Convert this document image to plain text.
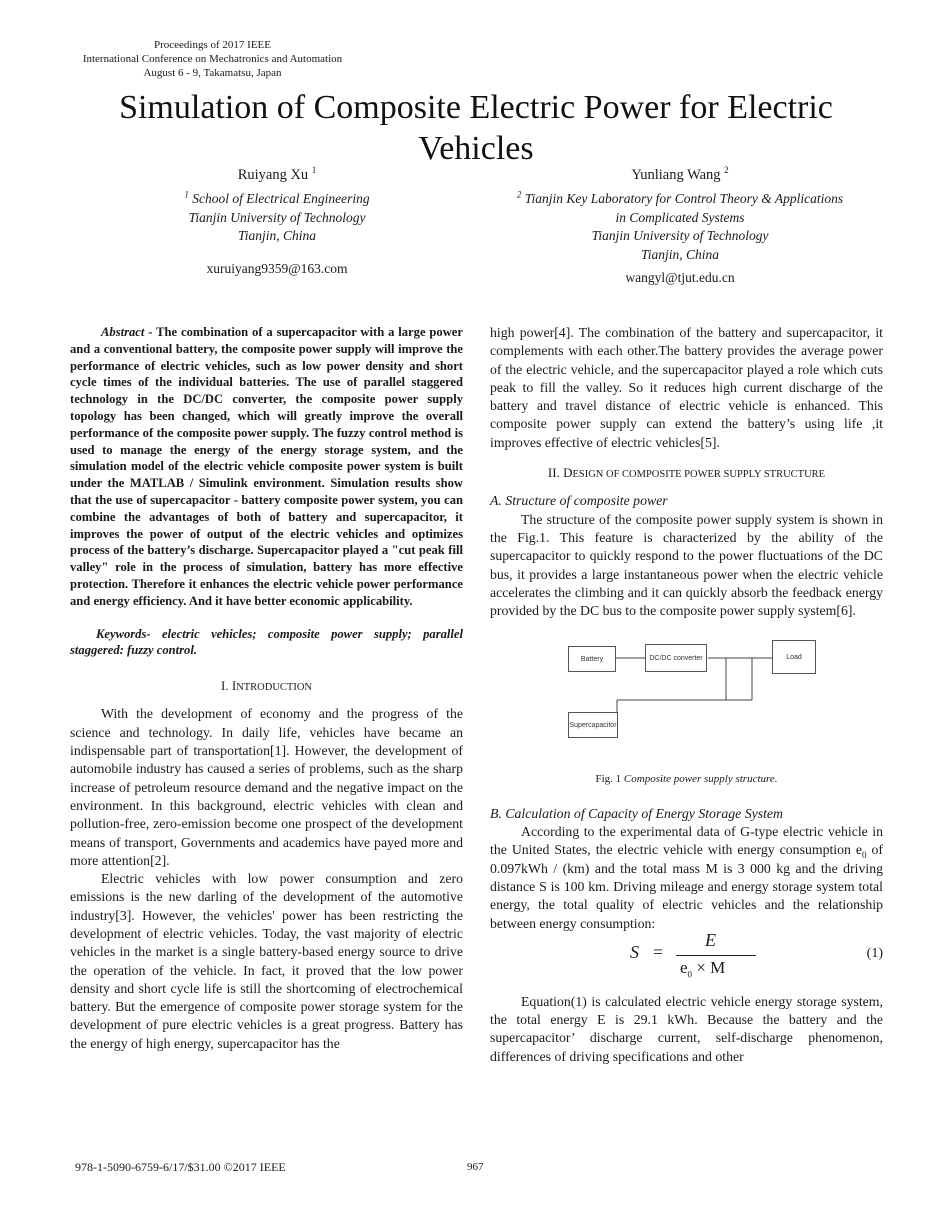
Proceedings of 2017 IEEE
International Conference on Mechatronics and Automation
August 6 - 9, Takamatsu, Japan
Simulation of Composite Electric Power for Electric Vehicles
Ruiyang Xu $^1$
$^1$ School of Electrical Engineering
Tianjin University of Technology
Tianjin, China
xuruiyang9359@163.com
Yunliang Wang $^2$
$^2$ Tianjin Key Laboratory for Control Theory & Applications
in Complicated Systems
Tianjin University of Technology
Tianjin, China
wangyl@tjut.edu.cn
Abstract - The combination of a supercapacitor with a large power and a conventional battery, the composite power supply will improve the performance of electric vehicles, such as low power density and short cycle times of the individual batteries. The use of parallel staggered technology in the DC/DC converter, the composite power supply topology has been changed, which will greatly improve the overall performance of the composite power supply. The fuzzy control method is used to manage the energy of the energy storage system, and the simulation model of the electric vehicle composite power system is built under the MATLAB / Simulink environment. Simulation results show that the use of supercapacitor - battery composite power system, you can combine the advantages of both of battery and supercapacitor, it improves the power of output of the electric vehicles and optimizes process of the battery’s discharge. Supercapacitor played a "cut peak fill valley" role in the process of simulation, battery has more effective protection. Therefore it enhances the electric vehicle power performance and energy efficiency. And it have better economic applicability.
Keywords- electric vehicles; composite power supply; parallel staggered: fuzzy control.
I. INTRODUCTION
With the development of economy and the progress of the science and technology. In daily life, vehicles have became an indispensable part of transportation[1]. However, the development of automobile industry has caused a series of problems, such as the sharp increase of petroleum resource demand and the negative impact on the environment. In this background, electric vehicles with clean and pollution-free, zero-emission become one prospect of the development means of transport, Governments and academics have payed more and more attention[2].
Electric vehicles with low power consumption and zero emissions is the new darling of the development of the automotive industry[3]. However, the vehicles' power has been restricting the development of electric vehicles. Today, the vast majority of electric vehicles in the market is a single battery-based energy source to drive the operation of the vehicle. In fact, it proved that the low power density and short cycle life is still the shortcoming of electrochemical battery. But the emergence of composite power storage system for the development of pure electric vehicles is a great progress. Battery has the energy of high energy, supercapacitor has the
high power[4]. The combination of the battery and supercapacitor, it complements with each other.The battery provides the average power of the electric vehicle, and the supercapacitor played a role which cuts peak to fill the valley. So it reduces high current discharge of the battery and travel distance of electric vehicle is enhanced. This composite power supply can extend the battery’s using life ,it improves effective of electric vehicles[5].
II. DESIGN OF COMPOSITE POWER SUPPLY STRUCTURE
A. Structure of composite power
The structure of the composite power supply system is shown in the Fig.1. This feature is characterized by the ability of the supercapacitor to quickly respond to the power fluctuations of the DC bus, it provides a large instantaneous power when the electric vehicle accelerates the climbing and it can quickly absorb the feedback energy provided by the DC bus to the composite power supply system[6].
Battery	DC/DC converter	Load
Supercapacitor
Fig. 1 Composite power supply structure.
B. Calculation of Capacity of Energy Storage System
According to the experimental data of G-type electric vehicle in the United States, the electric vehicle with energy consumption $e_0$ of 0.097kWh / (km) and the total mass M is 3 000 kg and the driving distance S is 100 km. Driving mileage and energy storage system total energy, the total quality of electric vehicles and the relationship between energy consumption:
S =
E
$e_0 \times M$
(1)
Equation(1) is calculated electric vehicle energy storage system, the total energy E is 29.1 kWh. Because the battery and the supercapacitor’ discharge current, self-discharge phenomenon, differences of driving specifications and other
978-1-5090-6759-6/17/$31.00 ©2017 IEEE	967
